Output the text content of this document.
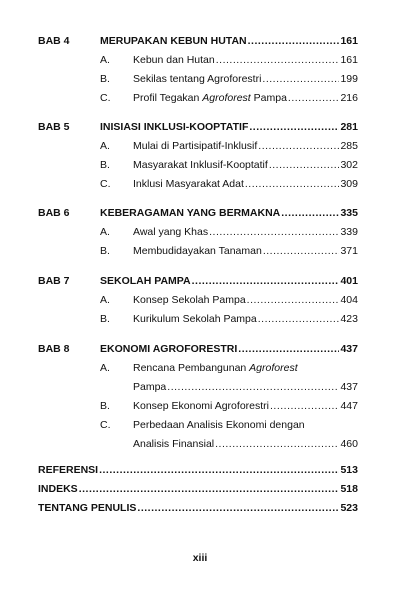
BAB 4	MERUPAKAN KEBUN HUTAN .....	161
A. Kebun dan Hutan .....	161
B. Sekilas tentang Agroforestri .....	199
C. Profil Tegakan Agroforest Pampa .....	216
BAB 5	INISIASI INKLUSI-KOOPTATIF .....	281
A. Mulai di Partisipatif-Inklusif .....	285
B. Masyarakat Inklusif-Kooptatif .....	302
C. Inklusi Masyarakat Adat .....	309
BAB 6	KEBERAGAMAN YANG BERMAKNA .....	335
A. Awal yang Khas .....	339
B. Membudidayakan Tanaman .....	371
BAB 7	SEKOLAH PAMPA .....	401
A. Konsep Sekolah Pampa .....	404
B. Kurikulum Sekolah Pampa .....	423
BAB 8	EKONOMI AGROFORESTRI .....	437
A. Rencana Pembangunan Agroforest
Pampa .....	437
B. Konsep Ekonomi Agroforestri .....	447
C. Perbedaan Analisis Ekonomi dengan
Analisis Finansial .....	460
REFERENSI .....	513
INDEKS .....	518
TENTANG PENULIS .....	523
xiii
